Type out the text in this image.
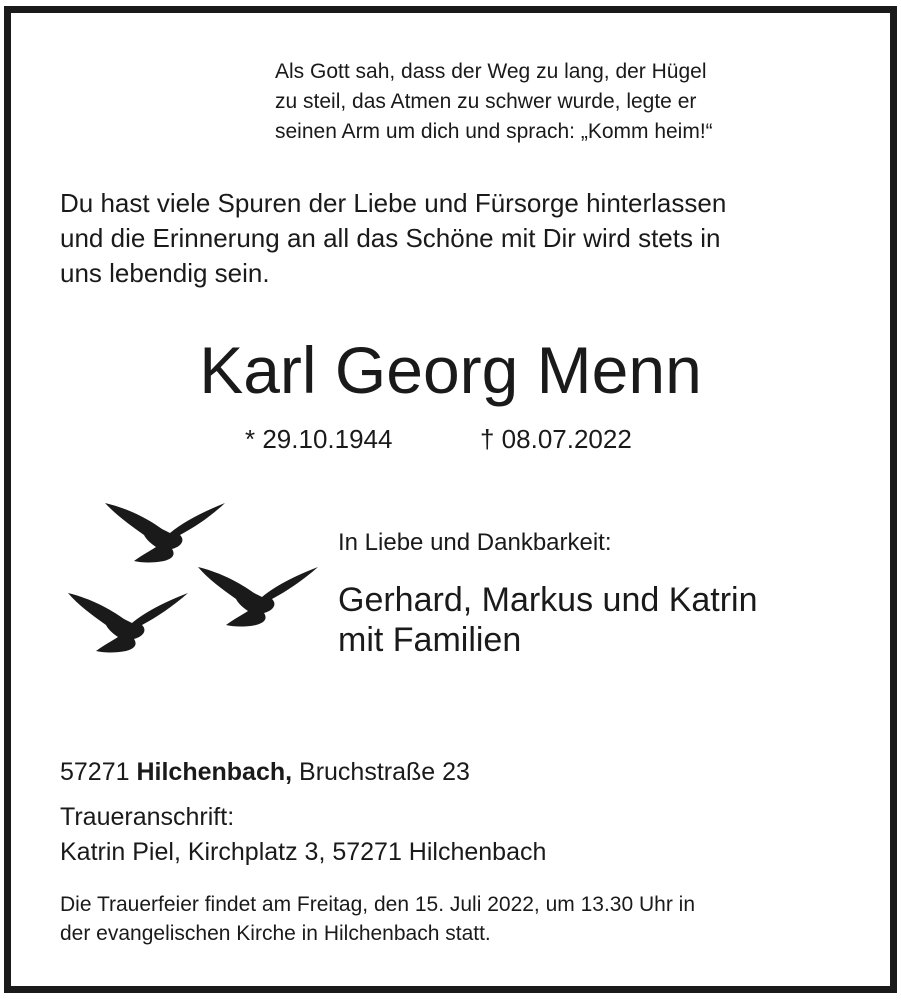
Als Gott sah, dass der Weg zu lang, der Hügel
zu steil, das Atmen zu schwer wurde, legte er
seinen Arm um dich und sprach: „Komm heim!“
Du hast viele Spuren der Liebe und Fürsorge hinterlassen
und die Erinnerung an all das Schöne mit Dir wird stets in
uns lebendig sein.
Karl Georg Menn
* 29.10.1944	† 08.07.2022
In Liebe und Dankbarkeit:
Gerhard, Markus und Katrin
mit Familien
57271 Hilchenbach, Bruchstraße 23
Traueranschrift:
Katrin Piel, Kirchplatz 3, 57271 Hilchenbach
Die Trauerfeier findet am Freitag, den 15. Juli 2022, um 13.30 Uhr in
der evangelischen Kirche in Hilchenbach statt.
